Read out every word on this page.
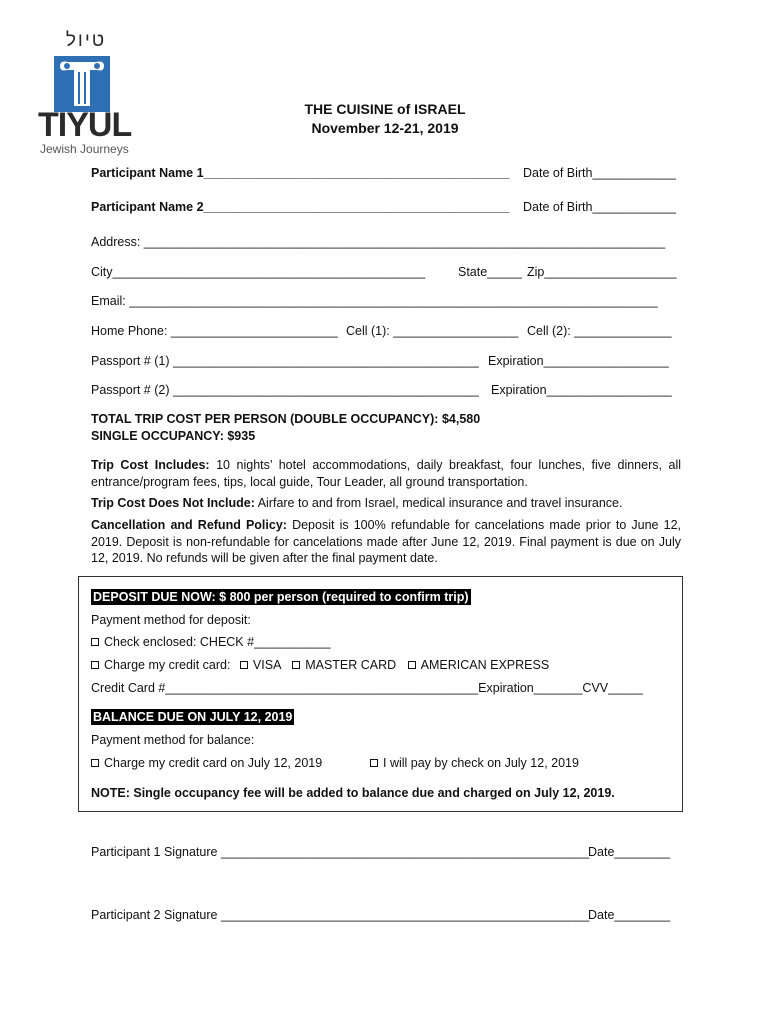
טיול
TIYUL
Jewish Journeys
THE CUISINE of ISRAEL
November 12-21, 2019
Participant Name 1____________________________________________ Date of Birth____________
Participant Name 2____________________________________________ Date of Birth____________
Address: ___________________________________________________________________________
City_____________________________________________	State_____ Zip___________________
Email: ____________________________________________________________________________
Home Phone: ________________________ Cell (1): __________________ Cell (2): ______________
Passport # (1) ____________________________________________ Expiration__________________
Passport # (2) ____________________________________________ Expiration__________________
TOTAL TRIP COST PER PERSON (DOUBLE OCCUPANCY): $4,580
SINGLE OCCUPANCY: $935
Trip Cost Includes: 10 nights’ hotel accommodations, daily breakfast, four lunches, five dinners, all entrance/program fees, tips, local guide, Tour Leader, all ground transportation.
Trip Cost Does Not Include: Airfare to and from Israel, medical insurance and travel insurance.
Cancellation and Refund Policy: Deposit is 100% refundable for cancelations made prior to June 12, 2019. Deposit is non-refundable for cancelations made after June 12, 2019. Final payment is due on July 12, 2019. No refunds will be given after the final payment date.
DEPOSIT DUE NOW: $ 800 per person (required to confirm trip)
Payment method for deposit:
Check enclosed: CHECK #___________
Charge my credit card: VISA MASTER CARD AMERICAN EXPRESS
Credit Card #_____________________________________________Expiration_______CVV_____
BALANCE DUE ON JULY 12, 2019
Payment method for balance:
Charge my credit card on July 12, 2019	I will pay by check on July 12, 2019
NOTE: Single occupancy fee will be added to balance due and charged on July 12, 2019.
Participant 1 Signature _____________________________________________________
Date________
Participant 2 Signature _____________________________________________________
Date________
